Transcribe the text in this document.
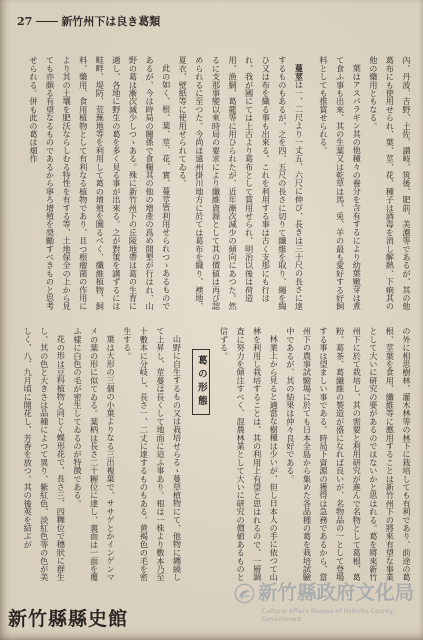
27	新竹州下は良き葛類

內、丹波、吉野、土佐、讃岐、筑後、肥前、美濃等であるが、其の他葛布にも使用せられ、葉、莖、花、種子は酒毒を消し解熱、下痢其の他の藥用ともなる。

葉はアスパラギン其の他種々の養分を含有するにより幼葉嫩芽は煮て食ふ事も出來、其の生葉又は乾草は馬、兎、羊の最も愛好する好飼料としても推賞せられる。

蔓莖は一、二尺より一丈五、六尺に伸び、長きは三十尺の長さに達するものもあるが、之を四、五尺の長さに切りて纖維を取り、繩を綯ひ又は布を織る事も出來る。これを利用する事は古く支那にも行はれ、我が國にては上古より葛布として賞用せられ、明治以後は荷造用、漁網、葛籠等に用ひられたが、近年漸次減少の傾向にあつた。然るに支那事變以來時局の要求により纖維資源として其の價値は再び認められるに至つた。今尚ほ遠州掛川地方に於ては葛布を織り、襖地、夏衣、壁紙等に使用せられてゐる。

此の如く、根、葉、莖、花、實、蔓莖皆利用せられつゝあるものであるが、今は時局の關係で食糧其の他の增產の爲め開墾が行はれ、山野の葛は漸次減少しつゝある。殊に新竹州下の丘陵地帶は葛の生育に適し、各地に野生の葛を多く見る事が出來る。之が對策を講ずるには畦畔、堤防、荒蕪地等を利用して葛の增殖を圖るべく、纖維植物、飼料、藥用、食用植物として有利なる植物であり、且つ根瘤菌の作用により其の土壤を肥沃ならしむる特性を有する等、土地保全の上から見ても亦頗る有望なるものであるから寧ろ增殖を奨勵すべきものと思考せられる。併も此の葛は畑作

の外に相思樹林、灌木林等の林下に栽培しても有利であり、前途の葛根、莖葉を食用、纖維等に應用することは新竹州下の將來有望な事業として大いに研究の要があるのではないかと思はれる。葛を將來新竹州下に於て栽培し、其の需要と利用研究が進んで名物として葛根、葛粉、葛茶、葛纖維の製造が盛になれば良いが、名物品の一として登場する事は望ましい事である。時局下資源の獲得は急務であるから、當州下の農事試驗場に於ても日本全島から集めた各品種の葛を栽培試驗中であるが、其の結果は仲々良好である。

林業上から見ると適當な樹種は少いが、但し日本人の手に依つて山林を利用し栽培することは、其の利用上有望と思はれるので、一層調査に努力を傾注すべく、混農林業として大いに研究の價値あるものと信ずる。

葛の形態

山野に自生するもの又は栽培せらるゝ蔓草植物にて、他物に纏繞して上昇し、莖蔓は長くして地面に這ふ事あり。根は一株より數本乃至十數本に分岐し、長さ一、二丈に達するものもある。黄褐色の毛を密生する。

葉は大形の三個の小葉よりなる三出複葉で、ササゲとかインゲンマメの葉の形に似てゐる。葉柄は長さ二十糎位に達し、裏面は一面を覆ふ樣に白色の毛が密生してゐるのが特徴である。

花の形は豆科植物と同じく蝶形花で、長さ三、四糎位で穗狀に群生し、其の色と大きさは品種によつて異り、紫紅色、淡紅色等の色が美しく、八、九月頃に開花し、芳香を放つ。其の後莢を結ぶが

新竹縣政府文化局
Cultural Affairs Bureau of Hsinchu County Government
新竹縣縣史館
